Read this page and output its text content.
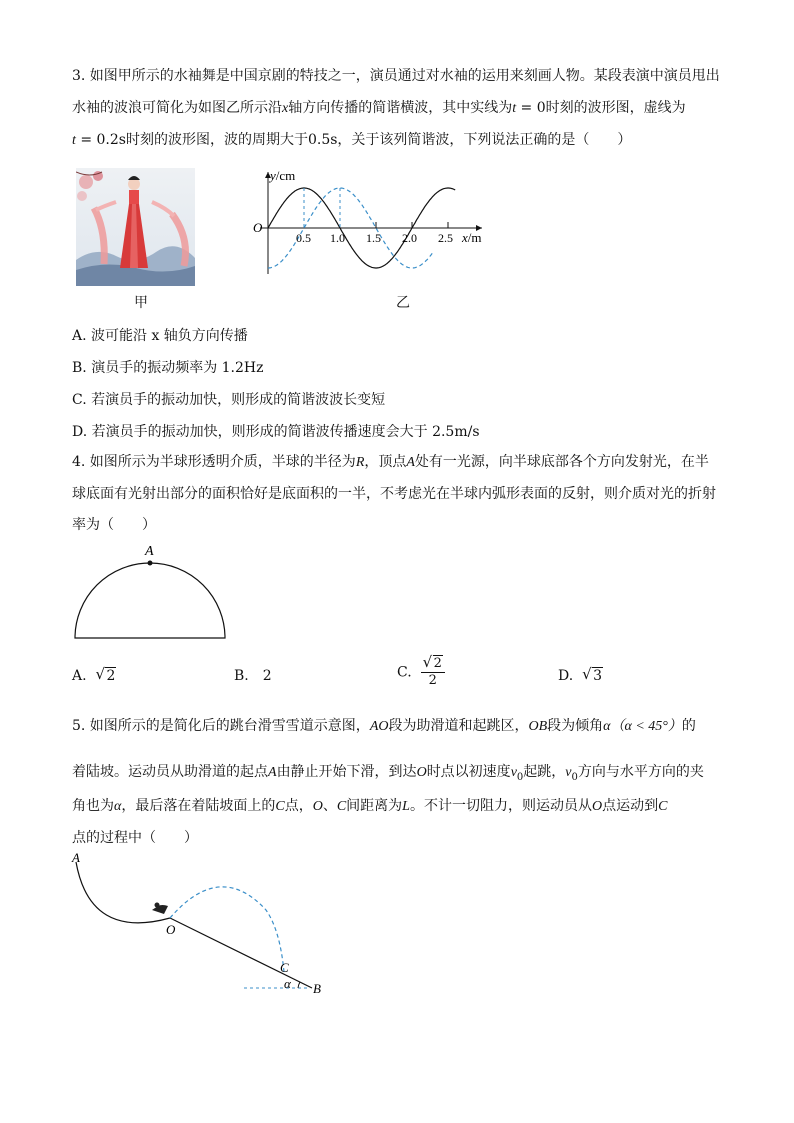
3. 如图甲所示的水袖舞是中国京剧的特技之一，演员通过对水袖的运用来刻画人物。某段表演中演员甩出
水袖的波浪可简化为如图乙所示沿x轴方向传播的简谐横波，其中实线为t = 0时刻的波形图，虚线为
t = 0.2s时刻的波形图，波的周期大于0.5s，关于该列简谐波，下列说法正确的是（　　）
甲
y/cm
O
0.5 1.0 1.5 2.0 2.5 x/m
乙
A. 波可能沿 x 轴负方向传播
B. 演员手的振动频率为 1.2Hz
C. 若演员手的振动加快，则形成的简谐波波长变短
D. 若演员手的振动加快，则形成的简谐波传播速度会大于 2.5m/s
4. 如图所示为半球形透明介质，半球的半径为R，顶点A处有一光源，向半球底部各个方向发射光，在半
球底面有光射出部分的面积恰好是底面积的一半，不考虑光在半球内弧形表面的反射，则介质对光的折射
率为（　　）
A
A. √ 2	B.　2	C. $\frac{√ 2}{2}$	D. √ 3
5. 如图所示的是简化后的跳台滑雪雪道示意图，AO段为助滑道和起跳区，OB段为倾角α（α < 45°）的
着陆坡。运动员从助滑道的起点A由静止开始下滑，到达O时点以初速度$v_0$起跳，$v_0$方向与水平方向的夹
角也为α，最后落在着陆坡面上的C点，O、C间距离为L。不计一切阻力，则运动员从O点运动到C
点的过程中（　　）
A
O
C
α B
